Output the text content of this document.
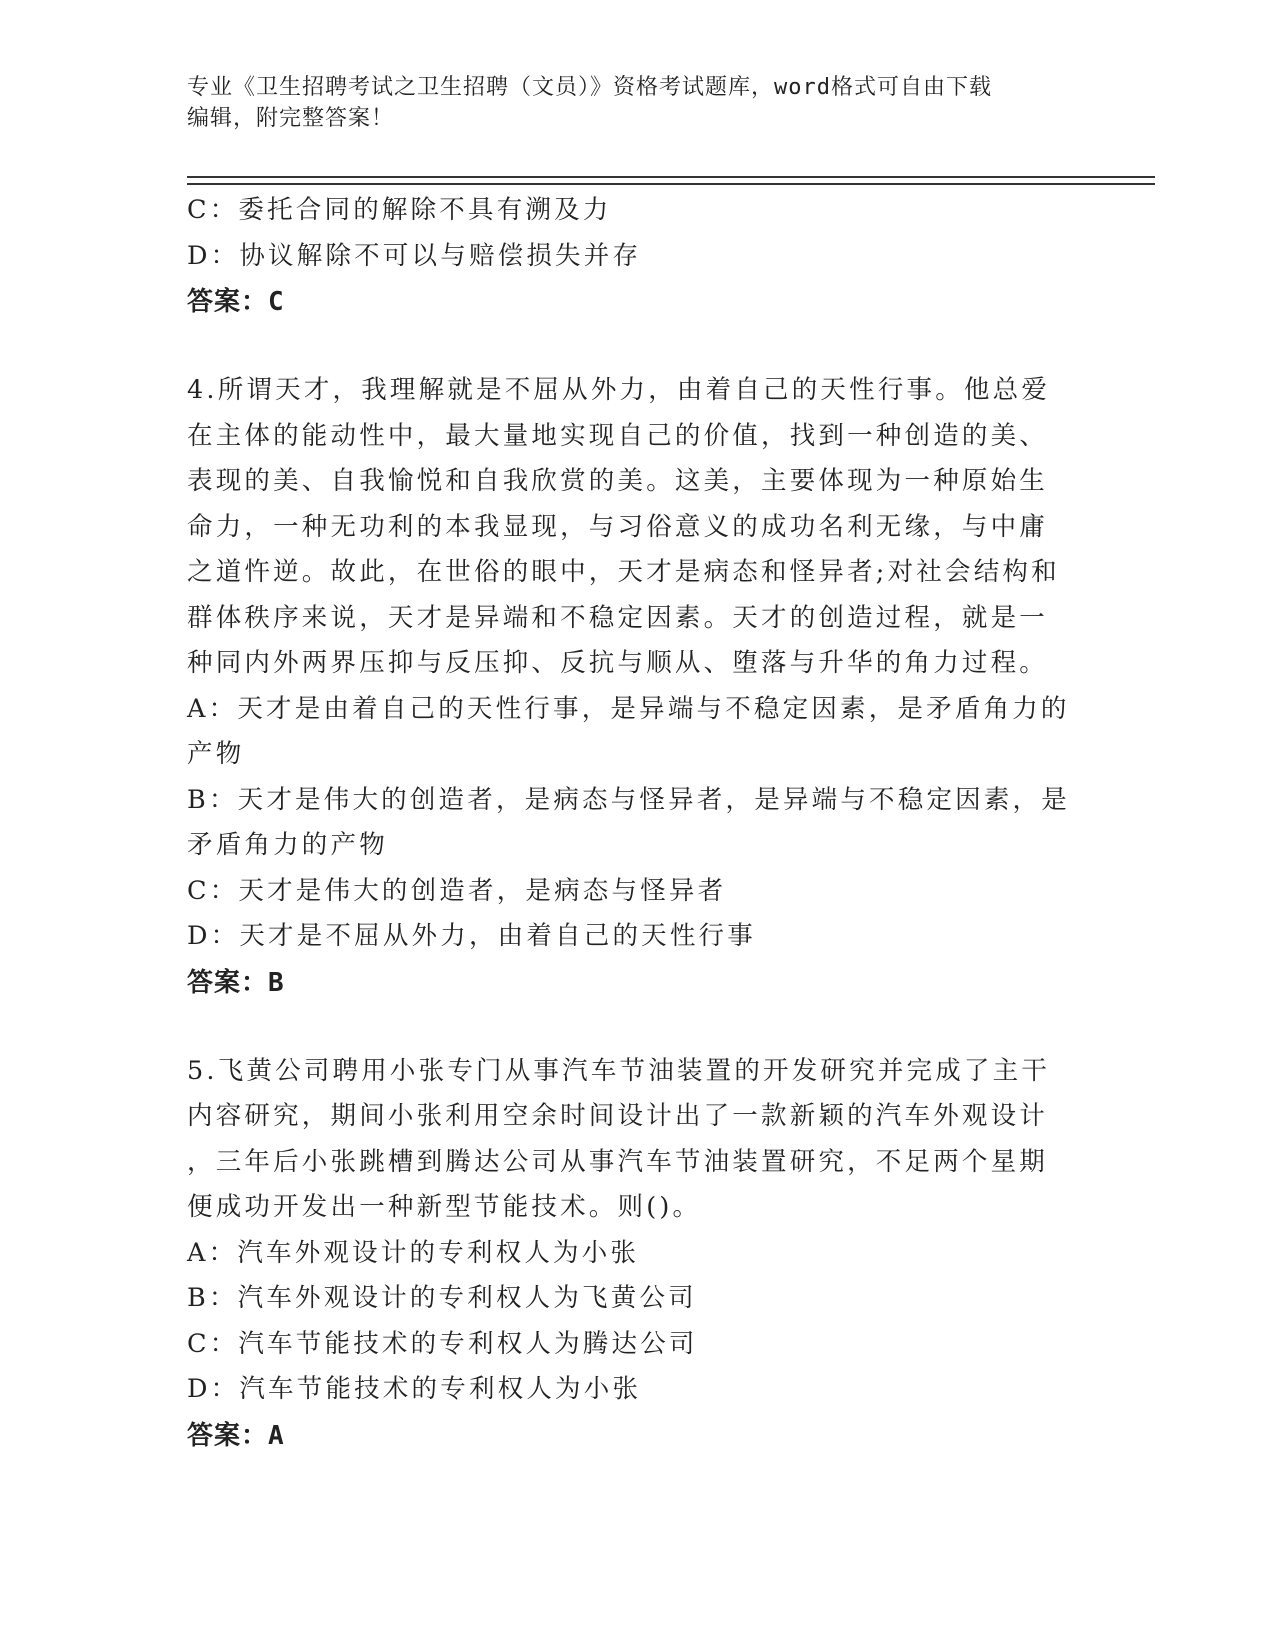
专业《卫生招聘考试之卫生招聘（文员）》资格考试题库，word格式可自由下载
编辑，附完整答案！
C：委托合同的解除不具有溯及力
D：协议解除不可以与赔偿损失并存
答案：C
4.所谓天才，我理解就是不屈从外力，由着自己的天性行事。他总爱
在主体的能动性中，最大量地实现自己的价值，找到一种创造的美、
表现的美、自我愉悦和自我欣赏的美。这美，主要体现为一种原始生
命力，一种无功利的本我显现，与习俗意义的成功名利无缘，与中庸
之道忤逆。故此，在世俗的眼中，天才是病态和怪异者;对社会结构和
群体秩序来说，天才是异端和不稳定因素。天才的创造过程，就是一
种同内外两界压抑与反压抑、反抗与顺从、堕落与升华的角力过程。
A：天才是由着自己的天性行事，是异端与不稳定因素，是矛盾角力的
产物
B：天才是伟大的创造者，是病态与怪异者，是异端与不稳定因素，是
矛盾角力的产物
C：天才是伟大的创造者，是病态与怪异者
D：天才是不屈从外力，由着自己的天性行事
答案：B
5.飞黄公司聘用小张专门从事汽车节油装置的开发研究并完成了主干
内容研究，期间小张利用空余时间设计出了一款新颖的汽车外观设计
，三年后小张跳槽到腾达公司从事汽车节油装置研究，不足两个星期
便成功开发出一种新型节能技术。则()。
A：汽车外观设计的专利权人为小张
B：汽车外观设计的专利权人为飞黄公司
C：汽车节能技术的专利权人为腾达公司
D：汽车节能技术的专利权人为小张
答案：A
